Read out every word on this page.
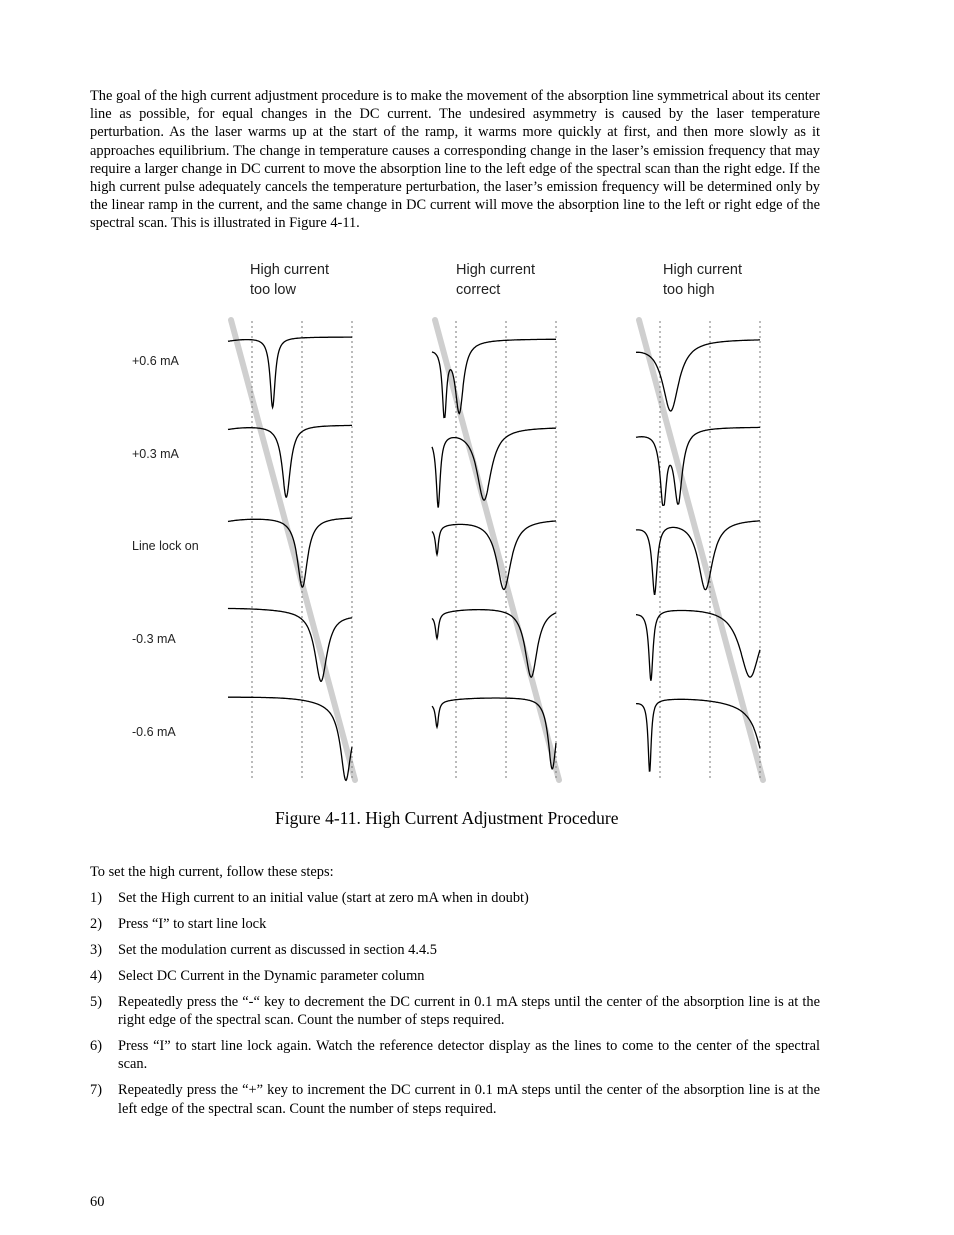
The goal of the high current adjustment procedure is to make the movement of the absorption line symmetrical about its center line as possible, for equal changes in the DC current. The undesired asymmetry is caused by the laser temperature perturbation. As the laser warms up at the start of the ramp, it warms more quickly at first, and then more slowly as it approaches equilibrium. The change in temperature causes a corresponding change in the laser’s emission frequency that may require a larger change in DC current to move the absorption line to the left edge of the spectral scan than the right edge. If the high current pulse adequately cancels the temperature perturbation, the laser’s emission frequency will be determined only by the linear ramp in the current, and the same change in DC current will move the absorption line to the left or right edge of the spectral scan. This is illustrated in Figure 4-11.

High current
too low
High current
correct
High current
too high
+0.6 mA
+0.3 mA
Line lock on
-0.3 mA
-0.6 mA

Figure 4-11. High Current Adjustment Procedure

To set the high current, follow these steps:

1) Set the High current to an initial value (start at zero mA when in doubt)
2) Press “I” to start line lock
3) Set the modulation current as discussed in section 4.4.5
4) Select DC Current in the Dynamic parameter column
5) Repeatedly press the “-“ key to decrement the DC current in 0.1 mA steps until the center of the absorption line is at the right edge of the spectral scan. Count the number of steps required.
6) Press “I” to start line lock again. Watch the reference detector display as the lines to come to the center of the spectral scan.
7) Repeatedly press the “+” key to increment the DC current in 0.1 mA steps until the center of the absorption line is at the left edge of the spectral scan. Count the number of steps required.
60
